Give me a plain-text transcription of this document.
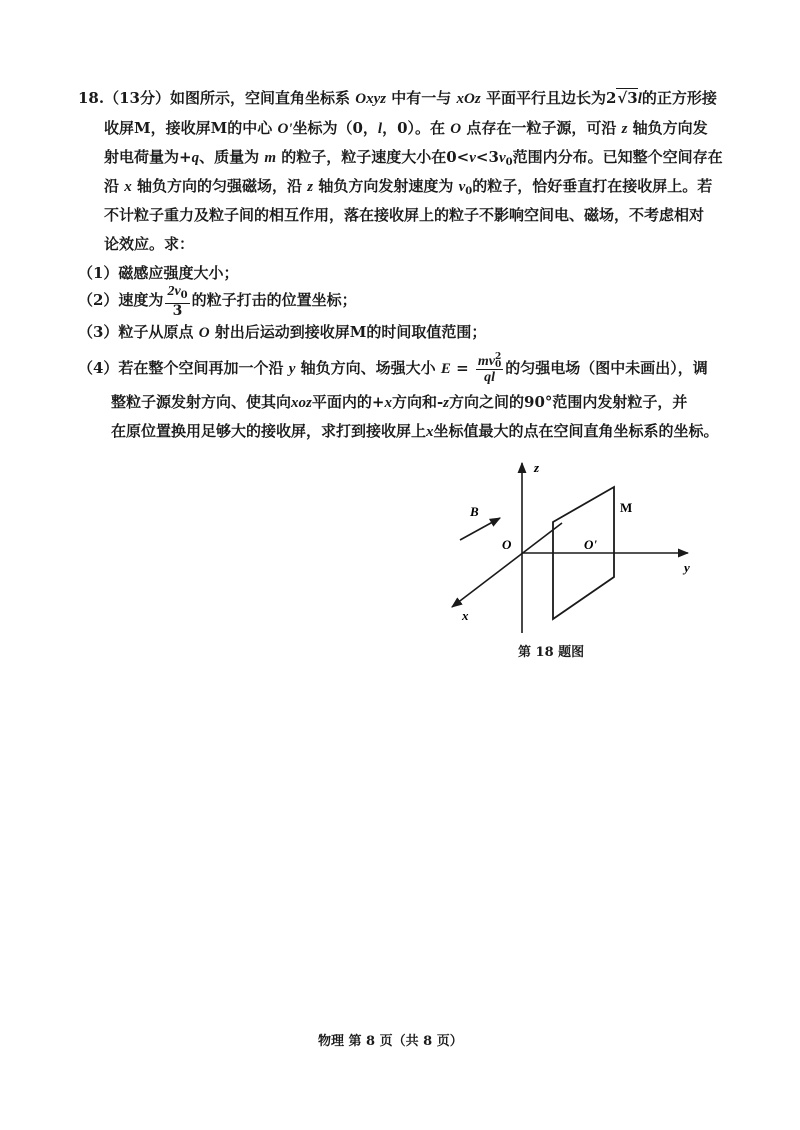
18.（13分）如图所示，空间直角坐标系 Oxyz 中有一与 xOz 平面平行且边长为2√3l的正方形接
收屏M，接收屏M的中心 O'坐标为（0，l，0）。在 O 点存在一粒子源，可沿 z 轴负方向发
射电荷量为+q、质量为 m 的粒子，粒子速度大小在$0<v<3v_0$范围内分布。已知整个空间存在
沿 x 轴负方向的匀强磁场，沿 z 轴负方向发射速度为 $v_0$的粒子，恰好垂直打在接收屏上。若
不计粒子重力及粒子间的相互作用，落在接收屏上的粒子不影响空间电、磁场，不考虑相对
论效应。求：
（1）磁感应强度大小；
（2）速度为 $\frac{2v_0}{3}$ 的粒子打击的位置坐标；
（3）粒子从原点 O 射出后运动到接收屏M的时间取值范围；
（4）若在整个空间再加一个沿 y 轴负方向、场强大小 E = mv 2
0
ql 的匀强电场（图中未画出），调
整粒子源发射方向、使其向xoz平面内的+x方向和-z方向之间的90°范围内发射粒子，并
在原位置换用足够大的接收屏，求打到接收屏上x坐标值最大的点在空间直角坐标系的坐标。
z
y
x
O	O'
M
B
第 18 题图
物理 第 8 页（共 8 页）
